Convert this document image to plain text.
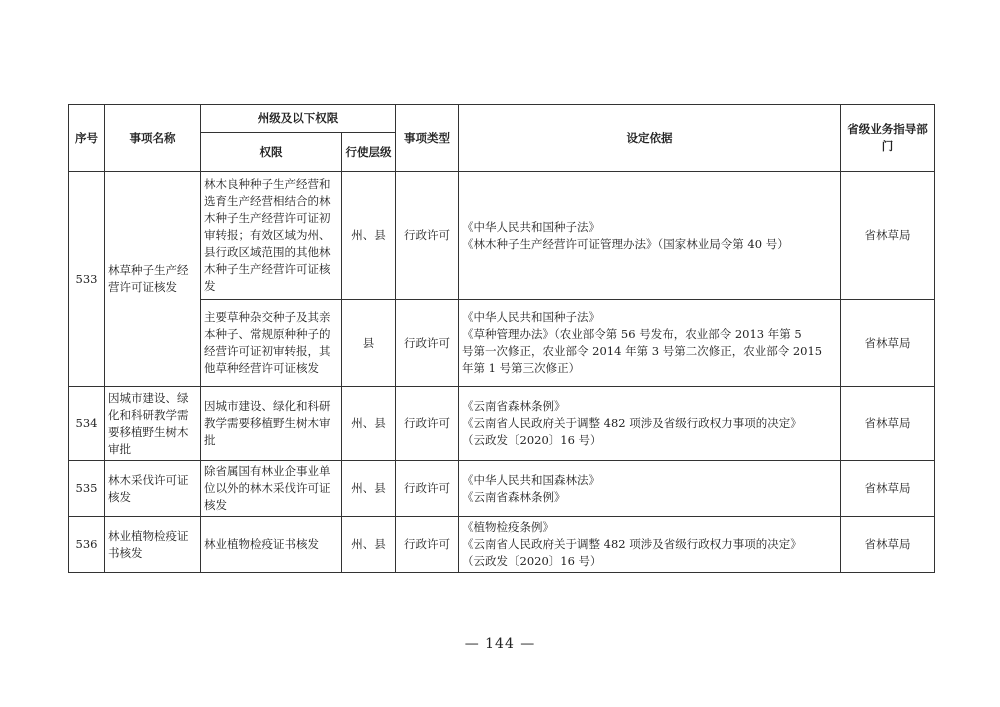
序号	事项名称	州级及以下权限		事项类型	设定依据	省级业务指导部门
		权限	行使层级			
533	林草种子生产经营许可证核发	林木良种种子生产经营和选育生产经营相结合的林木种子生产经营许可证初审转报；有效区域为州、县行政区域范围的其他林木种子生产经营许可证核发	州、县	行政许可	《中华人民共和国种子法》
《林木种子生产经营许可证管理办法》（国家林业局令第 40 号）	省林草局
		主要草种杂交种子及其亲本种子、常规原种种子的经营许可证初审转报，其他草种经营许可证核发	县	行政许可	《中华人民共和国种子法》
《草种管理办法》（农业部令第 56 号发布，农业部令 2013 年第 5
号第一次修正，农业部令 2014 年第 3 号第二次修正，农业部令 2015
年第 1 号第三次修正）	省林草局
534	因城市建设、绿化和科研教学需要移植野生树木审批	因城市建设、绿化和科研教学需要移植野生树木审批	州、县	行政许可	《云南省森林条例》
《云南省人民政府关于调整 482 项涉及省级行政权力事项的决定》
（云政发〔2020〕16 号）	省林草局
535	林木采伐许可证核发	除省属国有林业企事业单位以外的林木采伐许可证核发	州、县	行政许可	《中华人民共和国森林法》
《云南省森林条例》	省林草局
536	林业植物检疫证书核发	林业植物检疫证书核发	州、县	行政许可	《植物检疫条例》
《云南省人民政府关于调整 482 项涉及省级行政权力事项的决定》
（云政发〔2020〕16 号）	省林草局
— 144 —
